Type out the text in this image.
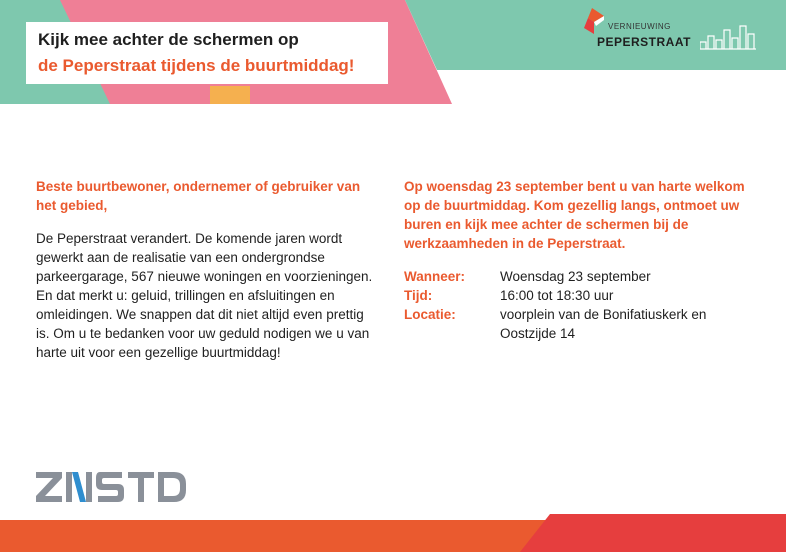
Kijk mee achter de schermen op
de Peperstraat tijdens de buurtmiddag!
VERNIEUWING
PEPERSTRAAT

Beste buurtbewoner, ondernemer of gebruiker van het gebied,

De Peperstraat verandert. De komende jaren wordt gewerkt aan de realisatie van een ondergrondse parkeergarage, 567 nieuwe woningen en voorzieningen. En dat merkt u: geluid, trillingen en afsluitingen en omleidingen. We snappen dat dit niet altijd even prettig is. Om u te bedanken voor uw geduld nodigen we u van harte uit voor een gezellige buurtmiddag!

Op woensdag 23 september bent u van harte welkom op de buurtmiddag. Kom gezellig langs, ontmoet uw buren en kijk mee achter de schermen bij de werkzaamheden in de Peperstraat.

Wanneer:	Woensdag 23 september
Tijd:	16:00 tot 18:30 uur
Locatie:	voorplein van de Bonifatiuskerk en Oostzijde 14
